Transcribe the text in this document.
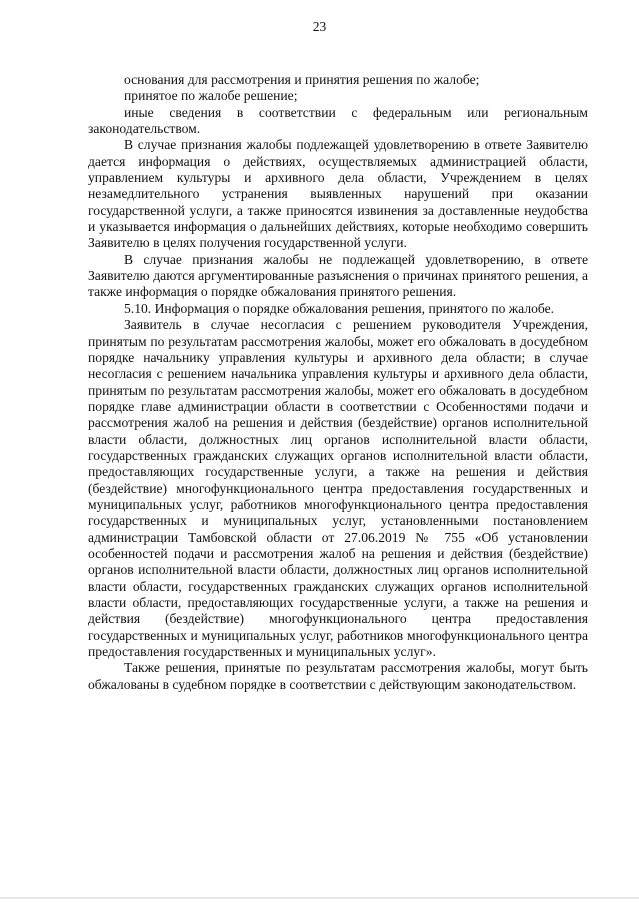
23

основания для рассмотрения и принятия решения по жалобе;

принятое по жалобе решение;

иные сведения в соответствии с федеральным или региональным законодательством.

В случае признания жалобы подлежащей удовлетворению в ответе Заявителю дается информация о действиях, осуществляемых администрацией области, управлением культуры и архивного дела области, Учреждением в целях незамедлительного устранения выявленных нарушений при оказании государственной услуги, а также приносятся извинения за доставленные неудобства и указывается информация о дальнейших действиях, которые необходимо совершить Заявителю в целях получения государственной услуги.

В случае признания жалобы не подлежащей удовлетворению, в ответе Заявителю даются аргументированные разъяснения о причинах принятого решения, а также информация о порядке обжалования принятого решения.

5.10. Информация о порядке обжалования решения, принятого по жалобе.

Заявитель в случае несогласия с решением руководителя Учреждения, принятым по результатам рассмотрения жалобы, может его обжаловать в досудебном порядке начальнику управления культуры и архивного дела области; в случае несогласия с решением начальника управления культуры и архивного дела области, принятым по результатам рассмотрения жалобы, может его обжаловать в досудебном порядке главе администрации области в соответствии с Особенностями подачи и рассмотрения жалоб на решения и действия (бездействие) органов исполнительной власти области, должностных лиц органов исполнительной власти области, государственных гражданских служащих органов исполнительной власти области, предоставляющих государственные услуги, а также на решения и действия (бездействие) многофункционального центра предоставления государственных и муниципальных услуг, работников многофункционального центра предоставления государственных и муниципальных услуг, установленными постановлением администрации Тамбовской области от 27.06.2019 № 755 «Об установлении особенностей подачи и рассмотрения жалоб на решения и действия (бездействие) органов исполнительной власти области, должностных лиц органов исполнительной власти области, государственных гражданских служащих органов исполнительной власти области, предоставляющих государственные услуги, а также на решения и действия (бездействие) многофункционального центра предоставления государственных и муниципальных услуг, работников многофункционального центра предоставления государственных и муниципальных услуг».

Также решения, принятые по результатам рассмотрения жалобы, могут быть обжалованы в судебном порядке в соответствии с действующим законодательством.
